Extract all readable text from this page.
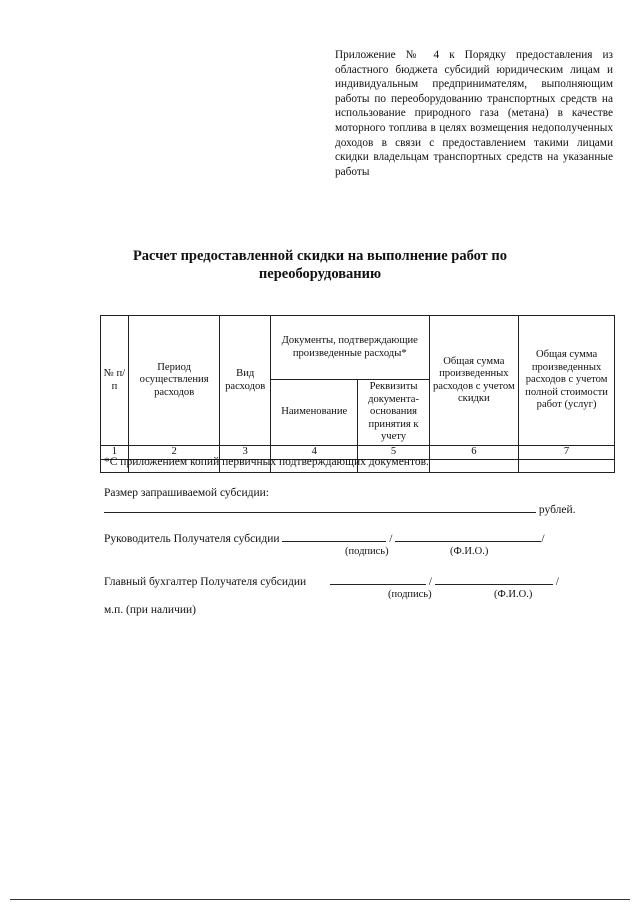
Приложение № 4 к Порядку предоставления из областного бюджета субсидий юридическим лицам и индивидуальным предпринимателям, выполняющим работы по переоборудованию транспортных средств на использование природного газа (метана) в качестве моторного топлива в целях возмещения недополученных доходов в связи с предоставлением такими лицами скидки владельцам транспортных средств на указанные работы
Расчет предоставленной скидки на выполнение работ по переоборудованию
№ п/п	Период осуществления расходов	Вид расходов	Документы, подтверждающие произведенные расходы*		Общая сумма произведенных расходов с учетом скидки	Общая сумма произведенных расходов с учетом полной стоимости работ (услуг)
			Наименование	Реквизиты документа-основания принятия к учету		
1	2	3	4	5	6	7

*С приложением копий первичных подтверждающих документов.
Размер запрашиваемой субсидии:
рублей.
Руководитель Получателя субсидии	/	/
(подпись)	(Ф.И.О.)
Главный бухгалтер Получателя субсидии	/	/
(подпись)	(Ф.И.О.)
м.п. (при наличии)
